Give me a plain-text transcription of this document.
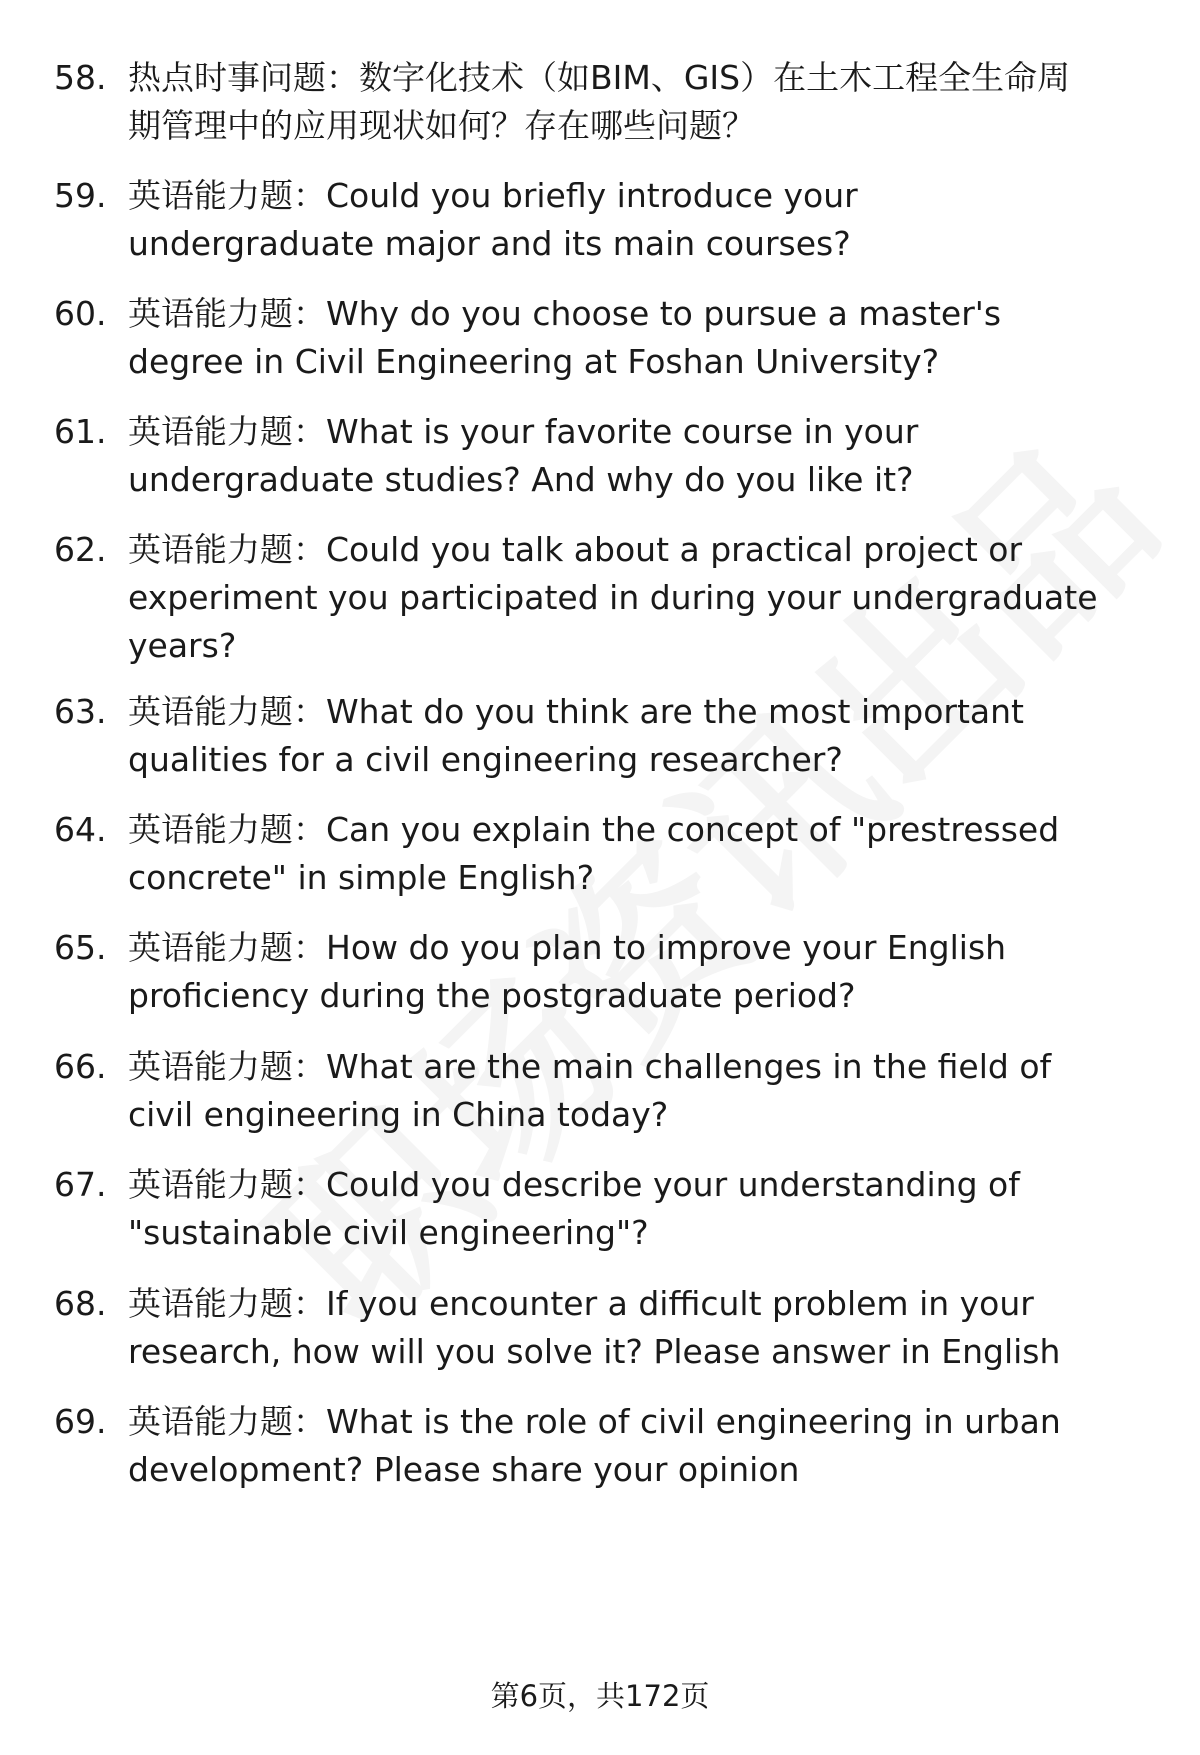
58. 热点时事问题：数字化技术（如BIM、GIS）在土木工程全生命周
期管理中的应用现状如何？存在哪些问题？

59. 英语能力题：Could you briefly introduce your
undergraduate major and its main courses?

60. 英语能力题：Why do you choose to pursue a master's
degree in Civil Engineering at Foshan University?

61. 英语能力题：What is your favorite course in your
undergraduate studies? And why do you like it?

62. 英语能力题：Could you talk about a practical project or
experiment you participated in during your undergraduate
years?

63. 英语能力题：What do you think are the most important
qualities for a civil engineering researcher?

64. 英语能力题：Can you explain the concept of "prestressed
concrete" in simple English?

65. 英语能力题：How do you plan to improve your English
proficiency during the postgraduate period?

66. 英语能力题：What are the main challenges in the field of
civil engineering in China today?

67. 英语能力题：Could you describe your understanding of
"sustainable civil engineering"?

68. 英语能力题：If you encounter a difficult problem in your
research, how will you solve it? Please answer in English

69. 英语能力题：What is the role of civil engineering in urban
development? Please share your opinion

第6页，共172页
